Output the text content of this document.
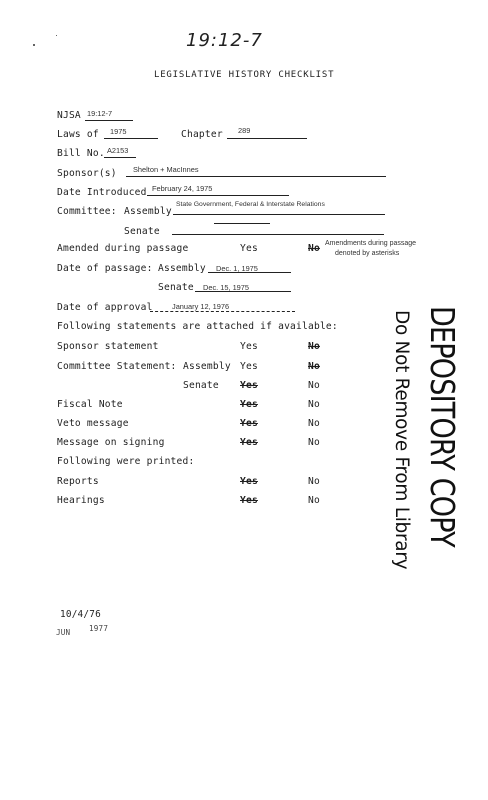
19:12-7
LEGISLATIVE HISTORY CHECKLIST
NJSA 19:12-7
Laws of 1975	Chapter 289
Bill No. A2153
Sponsor(s) Shelton + MacInnes
Date Introduced February 24, 1975
Committee: Assembly
State Government, Federal & Interstate Relations
Senate
Amended during passage	Yes	No Amendments during passage
denoted by asterisks
Date of passage: Assembly Dec. 1, 1975
Senate Dec. 15, 1975
Date of approval	January 12, 1976
Following statements are attached if available:
Sponsor statement	Yes	No
Committee Statement: Assembly Yes	No
Senate Yes	No
Fiscal Note	Yes	No
Veto message	Yes	No
Message on signing	Yes	No
Following were printed:
Reports	Yes	No
Hearings	Yes	No	DEPOSITORY COPY
Do Not Remove From Library
10/4/76
JUN 1977
